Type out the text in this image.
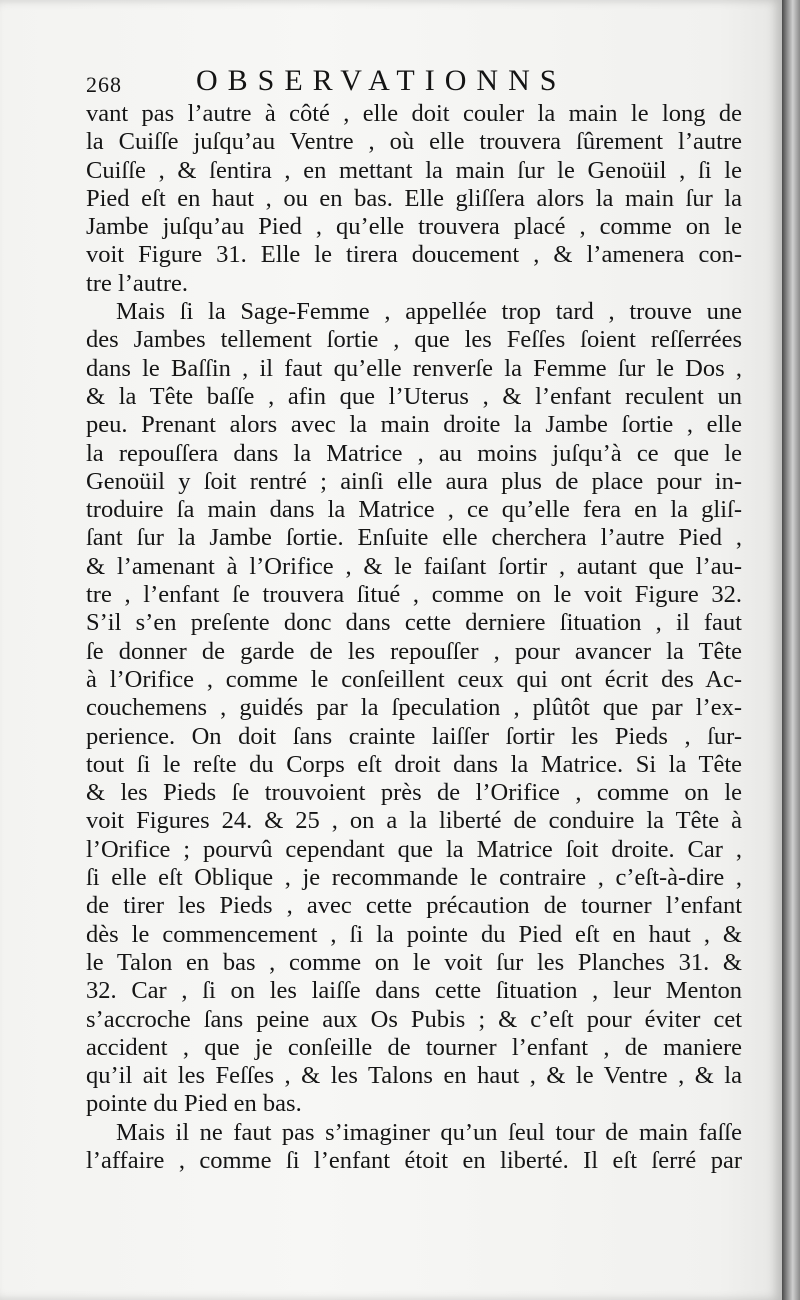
268 OBSERVATIONNS
vant pas l’autre à côté , elle doit couler la main le long de
la Cuiſſe juſqu’au Ventre , où elle trouvera ſûrement l’autre
Cuiſſe , & ſentira , en mettant la main ſur le Genoüil , ſi le
Pied eſt en haut , ou en bas. Elle gliſſera alors la main ſur la
Jambe juſqu’au Pied , qu’elle trouvera placé , comme on le
voit Figure 31. Elle le tirera doucement , & l’amenera con-
tre l’autre.
Mais ſi la Sage-Femme , appellée trop tard , trouve une
des Jambes tellement ſortie , que les Feſſes ſoient reſſerrées
dans le Baſſin , il faut qu’elle renverſe la Femme ſur le Dos ,
& la Tête baſſe , afin que l’Uterus , & l’enfant reculent un
peu. Prenant alors avec la main droite la Jambe ſortie , elle
la repouſſera dans la Matrice , au moins juſqu’à ce que le
Genoüil y ſoit rentré ; ainſi elle aura plus de place pour in-
troduire ſa main dans la Matrice , ce qu’elle fera en la gliſ-
ſant ſur la Jambe ſortie. Enſuite elle cherchera l’autre Pied ,
& l’amenant à l’Orifice , & le faiſant ſortir , autant que l’au-
tre , l’enfant ſe trouvera ſitué , comme on le voit Figure 32.
S’il s’en preſente donc dans cette derniere ſituation , il faut
ſe donner de garde de les repouſſer , pour avancer la Tête
à l’Orifice , comme le conſeillent ceux qui ont écrit des Ac-
couchemens , guidés par la ſpeculation , plûtôt que par l’ex-
perience. On doit ſans crainte laiſſer ſortir les Pieds , ſur-
tout ſi le reſte du Corps eſt droit dans la Matrice. Si la Tête
& les Pieds ſe trouvoient près de l’Orifice , comme on le
voit Figures 24. & 25 , on a la liberté de conduire la Tête à
l’Orifice ; pourvû cependant que la Matrice ſoit droite. Car ,
ſi elle eſt Oblique , je recommande le contraire , c’eſt-à-dire ,
de tirer les Pieds , avec cette précaution de tourner l’enfant
dès le commencement , ſi la pointe du Pied eſt en haut , &
le Talon en bas , comme on le voit ſur les Planches 31. &
32. Car , ſi on les laiſſe dans cette ſituation , leur Menton
s’accroche ſans peine aux Os Pubis ; & c’eſt pour éviter cet
accident , que je conſeille de tourner l’enfant , de maniere
qu’il ait les Feſſes , & les Talons en haut , & le Ventre , & la
pointe du Pied en bas.
Mais il ne faut pas s’imaginer qu’un ſeul tour de main faſſe
l’affaire , comme ſi l’enfant étoit en liberté. Il eſt ſerré par
